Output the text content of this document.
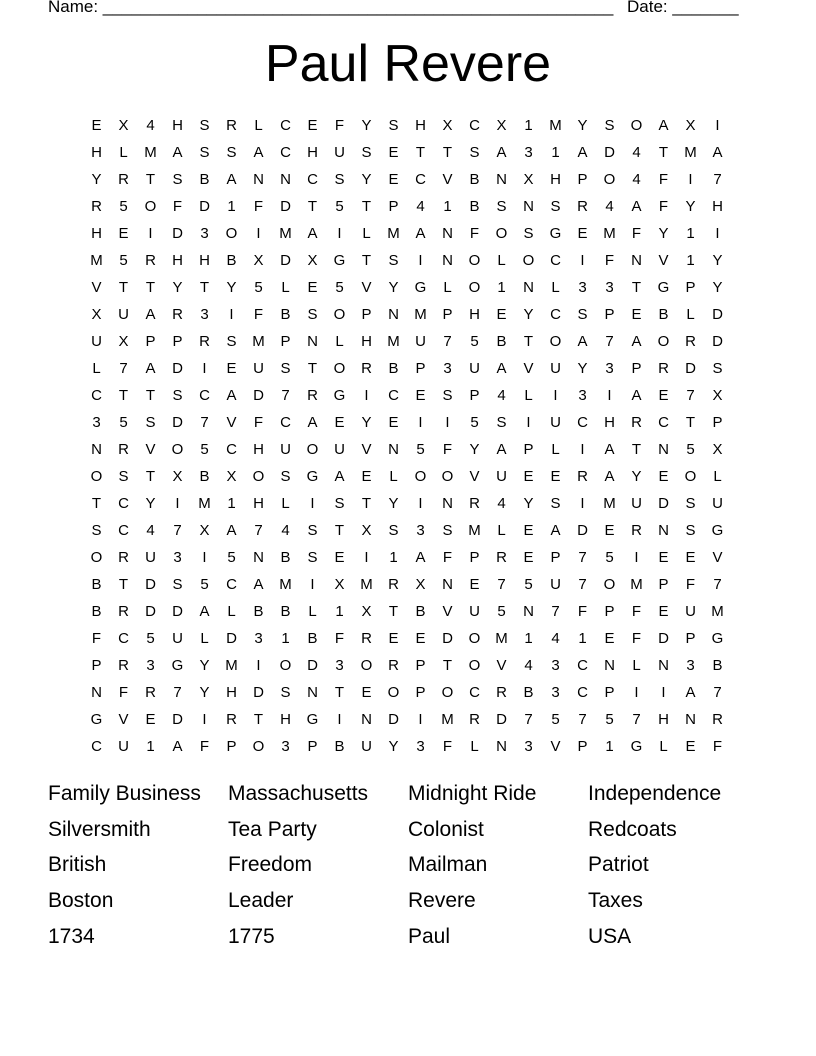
Name: ______________________________________________________ Date: _______
Paul Revere
E	X	4	H	S	R	L	C	E	F	Y	S	H	X	C	X	1	M	Y	S	O	A	X	I
H	L	M	A	S	S	A	C	H	U	S	E	T	T	S	A	3	1	A	D	4	T	M	A
Y	R	T	S	B	A	N	N	C	S	Y	E	C	V	B	N	X	H	P	O	4	F	I	7
R	5	O	F	D	1	F	D	T	5	T	P	4	1	B	S	N	S	R	4	A	F	Y	H
H	E	I	D	3	O	I	M	A	I	L	M	A	N	F	O	S	G	E	M	F	Y	1	I
M	5	R	H	H	B	X	D	X	G	T	S	I	N	O	L	O	C	I	F	N	V	1	Y
V	T	T	Y	T	Y	5	L	E	5	V	Y	G	L	O	1	N	L	3	3	T	G	P	Y
X	U	A	R	3	I	F	B	S	O	P	N	M	P	H	E	Y	C	S	P	E	B	L	D
U	X	P	P	R	S	M	P	N	L	H	M	U	7	5	B	T	O	A	7	A	O	R	D
L	7	A	D	I	E	U	S	T	O	R	B	P	3	U	A	V	U	Y	3	P	R	D	S
C	T	T	S	C	A	D	7	R	G	I	C	E	S	P	4	L	I	3	I	A	E	7	X
3	5	S	D	7	V	F	C	A	E	Y	E	I	I	5	S	I	U	C	H	R	C	T	P
N	R	V	O	5	C	H	U	O	U	V	N	5	F	Y	A	P	L	I	A	T	N	5	X
O	S	T	X	B	X	O	S	G	A	E	L	O	O	V	U	E	E	R	A	Y	E	O	L
T	C	Y	I	M	1	H	L	I	S	T	Y	I	N	R	4	Y	S	I	M	U	D	S	U
S	C	4	7	X	A	7	4	S	T	X	S	3	S	M	L	E	A	D	E	R	N	S	G
O	R	U	3	I	5	N	B	S	E	I	1	A	F	P	R	E	P	7	5	I	E	E	V
B	T	D	S	5	C	A	M	I	X	M	R	X	N	E	7	5	U	7	O M	P	F	7
B	R	D	D	A	L	B	B	L	1	X	T	B	V	U	5	N	7	F	P	F	E	U	M
F	C	5	U	L	D	3	1	B	F	R	E	E	D	O M	1	4	1	E	F	D	P	G
P	R	3	G	Y	M	I	O	D	3	O	R	P	T	O	V	4	3	C	N	L	N	3	B
N	F	R	7	Y	H	D	S	N	T	E	O	P	O	C	R	B	3	C	P	I	I	A	7
G	V	E	D	I	R	T	H	G	I	N	D	I	M	R	D	7	5	7	5	7	H	N	R
C	U	1	A	F	P	O	3	P	B	U	Y	3	F	L	N	3	V	P	1	G	L	E	F
Family Business	Massachusetts	Midnight Ride	Independence
Silversmith	Tea Party	Colonist	Redcoats
British	Freedom	Mailman	Patriot
Boston	Leader	Revere	Taxes
1734	1775	Paul	USA
